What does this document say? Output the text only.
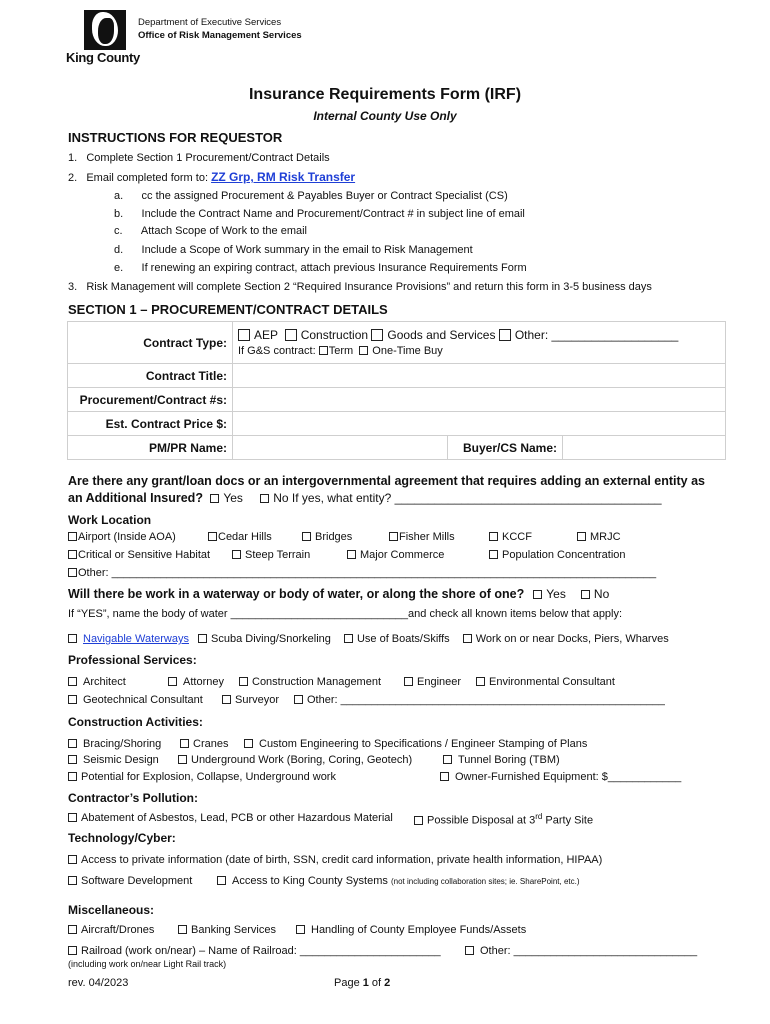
King County
Department of Executive Services
Office of Risk Management Services
Insurance Requirements Form (IRF)
Internal County Use Only
INSTRUCTIONS FOR REQUESTOR
1.   Complete Section 1 Procurement/Contract Details
2.   Email completed form to: ZZ Grp, RM Risk Transfer
a.      cc the assigned Procurement & Payables Buyer or Contract Specialist (CS)
b.      Include the Contract Name and Procurement/Contract # in subject line of email
c.      Attach Scope of Work to the email
d.      Include a Scope of Work summary in the email to Risk Management
e.      If renewing an expiring contract, attach previous Insurance Requirements Form
3.   Risk Management will complete Section 2 “Required Insurance Provisions” and return this form in 3-5 business days
SECTION 1 – PROCUREMENT/CONTRACT DETAILS
Contract Type:	AEP Construction Goods and Services Other: ___________________
If G&S contract: Term One-Time Buy		

Contract Title:			
Procurement/Contract #s:			
Est. Contract Price $:			
PM/PR Name:		Buyer/CS Name:	
Are there any grant/loan docs or an intergovernmental agreement that requires adding an external entity as
an Additional Insured? Yes	No If yes, what entity? ________________________________________
Work Location
Airport (Inside AOA)	Cedar Hills	Bridges	Fisher Mills	KCCF	MRJC
Critical or Sensitive Habitat	Steep Terrain	Major Commerce	Population Concentration
Other: _________________________________________________________________________________________
Will there be work in a waterway or body of water, or along the shore of one? Yes No
If “YES”, name the body of water _____________________________and check all known items below that apply:
Navigable Waterways Scuba Diving/Snorkeling Use of Boats/Skiffs Work on or near Docks, Piers, Wharves
Professional Services:
Architect	Attorney	Construction Management	Engineer	Environmental Consultant
Geotechnical Consultant	Surveyor	Other: _____________________________________________________
Construction Activities:
Bracing/Shoring	Cranes	Custom Engineering to Specifications / Engineer Stamping of Plans
Seismic Design	Underground Work (Boring, Coring, Geotech)	Tunnel Boring (TBM)
Potential for Explosion, Collapse, Underground work	Owner-Furnished Equipment: $____________
Contractor’s Pollution:
Abatement of Asbestos, Lead, PCB or other Hazardous Material	Possible Disposal at 3rd Party Site
Technology/Cyber:
Access to private information (date of birth, SSN, credit card information, private health information, HIPAA)
Software Development	Access to King County Systems (not including collaboration sites; ie. SharePoint, etc.)
Miscellaneous:
Aircraft/Drones	Banking Services	Handling of County Employee Funds/Assets
Railroad (work on/near) – Name of Railroad: _______________________	Other: ______________________________
(including work on/near Light Rail track)
rev. 04/2023	Page 1 of 2
